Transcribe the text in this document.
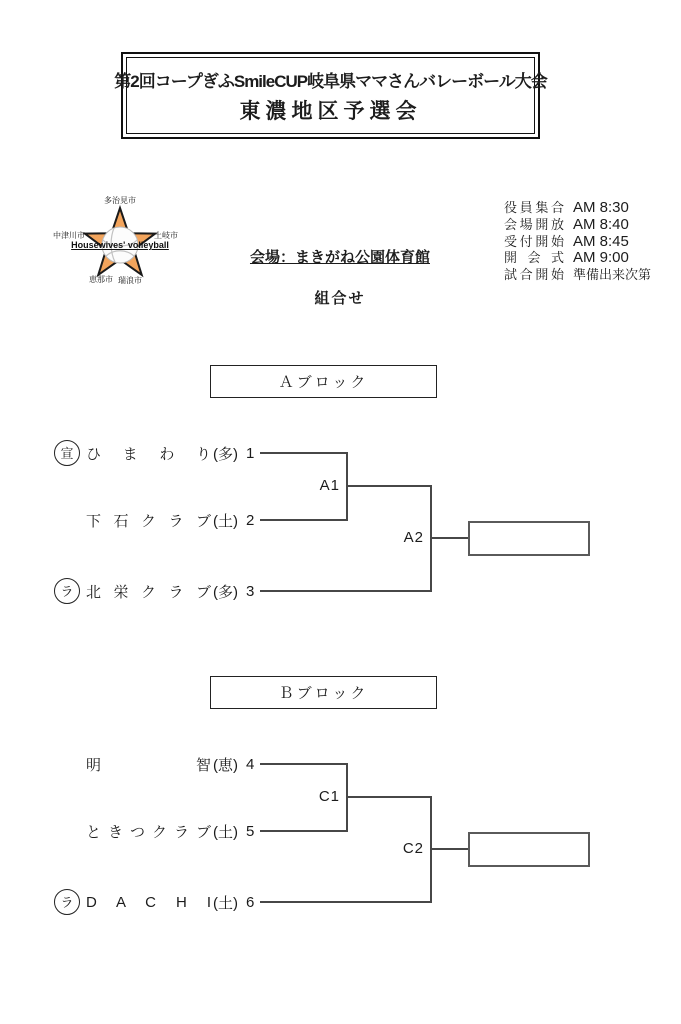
第2回コープぎふSmileCUP岐阜県ママさんバレーボール大会
東濃地区予選会
多治見市
中津川市	土岐市
恵那市 瑞浪市
Housewives' volleyball
会場：まきがね公園体育館
組合せ
役員集合 AM 8:30
会場開放 AM 8:40
受付開始 AM 8:45
開 会 式 AM 9:00
試合開始 準備出来次第
Ａブロック
宣 ひ ま わ り (多) 1
下 石 ク ラ ブ (土) 2
ラ 北 栄 ク ラ ブ (多) 3
A1
A2
Ｂブロック
明 智 (恵) 4
と き つ ク ラ ブ (土) 5
ラ D A C H I (土) 6
C1
C2
